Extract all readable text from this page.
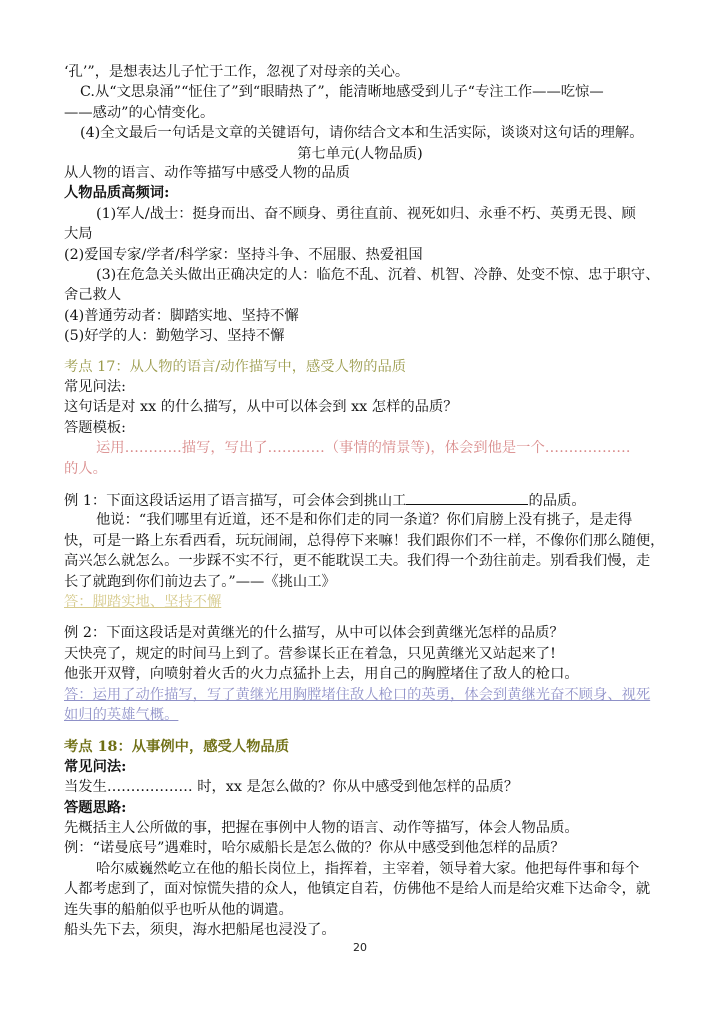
‘孔’”，是想表达儿子忙于工作，忽视了对母亲的关心。
C.从“文思泉涌”“怔住了”到“眼睛热了”，能清晰地感受到儿子“专注工作——吃惊—
——感动”的心情变化。
(4)全文最后一句话是文章的关键语句，请你结合文本和生活实际，谈谈对这句话的理解。
第七单元(人物品质)
从人物的语言、动作等描写中感受人物的品质
人物品质高频词:
(1)军人/战士：挺身而出、奋不顾身、勇往直前、视死如归、永垂不朽、英勇无畏、顾
大局
(2)爱国专家/学者/科学家：坚持斗争、不屈服、热爱祖国
(3)在危急关头做出正确决定的人：临危不乱、沉着、机智、冷静、处变不惊、忠于职守、
舍己救人
(4)普通劳动者：脚踏实地、坚持不懈
(5)好学的人：勤勉学习、坚持不懈
考点 17：从人物的语言/动作描写中，感受人物的品质
常见问法:
这句话是对 xx 的什么描写，从中可以体会到 xx 怎样的品质？
答题模板:
运用…………描写，写出了…………（事情的情景等)，体会到他是一个………………
的人。
例 1：下面这段话运用了语言描写，可会体会到挑山工	的品质。
他说：“我们哪里有近道，还不是和你们走的同一条道？你们肩膀上没有挑子，是走得
快，可是一路上东看西看，玩玩闹闹，总得停下来嘛！我们跟你们不一样，不像你们那么随便，
高兴怎么就怎么。一步踩不实不行，更不能耽误工夫。我们得一个劲往前走。别看我们慢，走
长了就跑到你们前边去了。”——《挑山工》
答：脚踏实地、坚持不懈
例 2：下面这段话是对黄继光的什么描写，从中可以体会到黄继光怎样的品质？
天快亮了，规定的时间马上到了。营参谋长正在着急，只见黄继光又站起来了!
他张开双臂，向喷射着火舌的火力点猛扑上去，用自己的胸膛堵住了敌人的枪口。
答：运用了动作描写，写了黄继光用胸膛堵住敌人枪口的英勇，体会到黄继光奋不顾身、视死
如归的英雄气概。
考点 18：从事例中，感受人物品质
常见问法:
当发生……………… 时，xx 是怎么做的？你从中感受到他怎样的品质？
答题思路:
先概括主人公所做的事，把握在事例中人物的语言、动作等描写，体会人物品质。
例：“诺曼底号”遇难时，哈尔威船长是怎么做的？你从中感受到他怎样的品质？
哈尔威巍然屹立在他的船长岗位上，指挥着，主宰着，领导着大家。他把每件事和每个
人都考虑到了，面对惊慌失措的众人，他镇定自若，仿佛他不是给人而是给灾难下达命令，就
连失事的船舶似乎也听从他的调遣。
船头先下去，须臾，海水把船尾也浸没了。
20
